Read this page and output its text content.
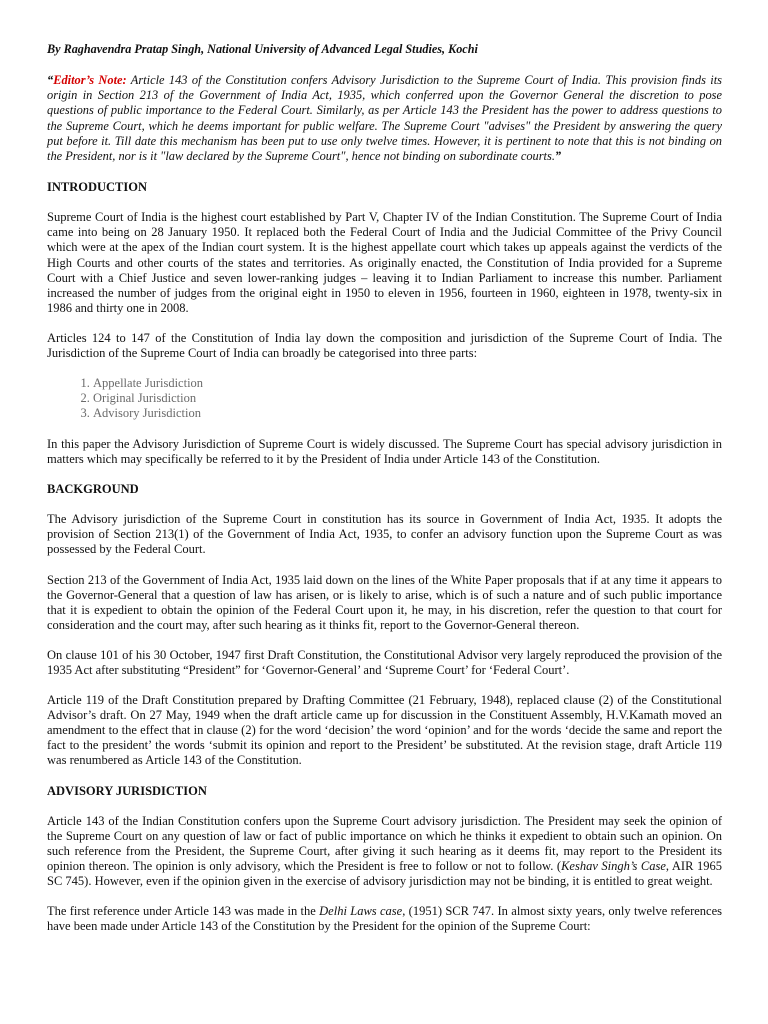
By Raghavendra Pratap Singh, National University of Advanced Legal Studies, Kochi

“Editor’s Note: Article 143 of the Constitution confers Advisory Jurisdiction to the Supreme Court of India. This provision finds its origin in Section 213 of the Government of India Act, 1935, which conferred upon the Governor General the discretion to pose questions of public importance to the Federal Court. Similarly, as per Article 143 the President has the power to address questions to the Supreme Court, which he deems important for public welfare. The Supreme Court "advises" the President by answering the query put before it. Till date this mechanism has been put to use only twelve times. However, it is pertinent to note that this is not binding on the President, nor is it "law declared by the Supreme Court", hence not binding on subordinate courts.”

INTRODUCTION

Supreme Court of India is the highest court established by Part V, Chapter IV of the Indian Constitution. The Supreme Court of India came into being on 28 January 1950. It replaced both the Federal Court of India and the Judicial Committee of the Privy Council which were at the apex of the Indian court system. It is the highest appellate court which takes up appeals against the verdicts of the High Courts and other courts of the states and territories. As originally enacted, the Constitution of India provided for a Supreme Court with a Chief Justice and seven lower-ranking judges – leaving it to Indian Parliament to increase this number. Parliament increased the number of judges from the original eight in 1950 to eleven in 1956, fourteen in 1960, eighteen in 1978, twenty-six in 1986 and thirty one in 2008.

Articles 124 to 147 of the Constitution of India lay down the composition and jurisdiction of the Supreme Court of India. The Jurisdiction of the Supreme Court of India can broadly be categorised into three parts:

1. Appellate Jurisdiction
2. Original Jurisdiction
3. Advisory Jurisdiction

In this paper the Advisory Jurisdiction of Supreme Court is widely discussed. The Supreme Court has special advisory jurisdiction in matters which may specifically be referred to it by the President of India under Article 143 of the Constitution.

BACKGROUND

The Advisory jurisdiction of the Supreme Court in constitution has its source in Government of India Act, 1935. It adopts the provision of Section 213(1) of the Government of India Act, 1935, to confer an advisory function upon the Supreme Court as was possessed by the Federal Court.

Section 213 of the Government of India Act, 1935 laid down on the lines of the White Paper proposals that if at any time it appears to the Governor-General that a question of law has arisen, or is likely to arise, which is of such a nature and of such public importance that it is expedient to obtain the opinion of the Federal Court upon it, he may, in his discretion, refer the question to that court for consideration and the court may, after such hearing as it thinks fit, report to the Governor-General thereon.

On clause 101 of his 30 October, 1947 first Draft Constitution, the Constitutional Advisor very largely reproduced the provision of the 1935 Act after substituting “President” for ‘Governor-General’ and ‘Supreme Court’ for ‘Federal Court’.

Article 119 of the Draft Constitution prepared by Drafting Committee (21 February, 1948), replaced clause (2) of the Constitutional Advisor’s draft. On 27 May, 1949 when the draft article came up for discussion in the Constituent Assembly, H.V.Kamath moved an amendment to the effect that in clause (2) for the word ‘decision’ the word ‘opinion’ and for the words ‘decide the same and report the fact to the president’ the words ‘submit its opinion and report to the President’ be substituted. At the revision stage, draft Article 119 was renumbered as Article 143 of the Constitution.

ADVISORY JURISDICTION

Article 143 of the Indian Constitution confers upon the Supreme Court advisory jurisdiction. The President may seek the opinion of the Supreme Court on any question of law or fact of public importance on which he thinks it expedient to obtain such an opinion. On such reference from the President, the Supreme Court, after giving it such hearing as it deems fit, may report to the President its opinion thereon. The opinion is only advisory, which the President is free to follow or not to follow. (Keshav Singh’s Case, AIR 1965 SC 745). However, even if the opinion given in the exercise of advisory jurisdiction may not be binding, it is entitled to great weight.

The first reference under Article 143 was made in the Delhi Laws case, (1951) SCR 747. In almost sixty years, only twelve references have been made under Article 143 of the Constitution by the President for the opinion of the Supreme Court:
